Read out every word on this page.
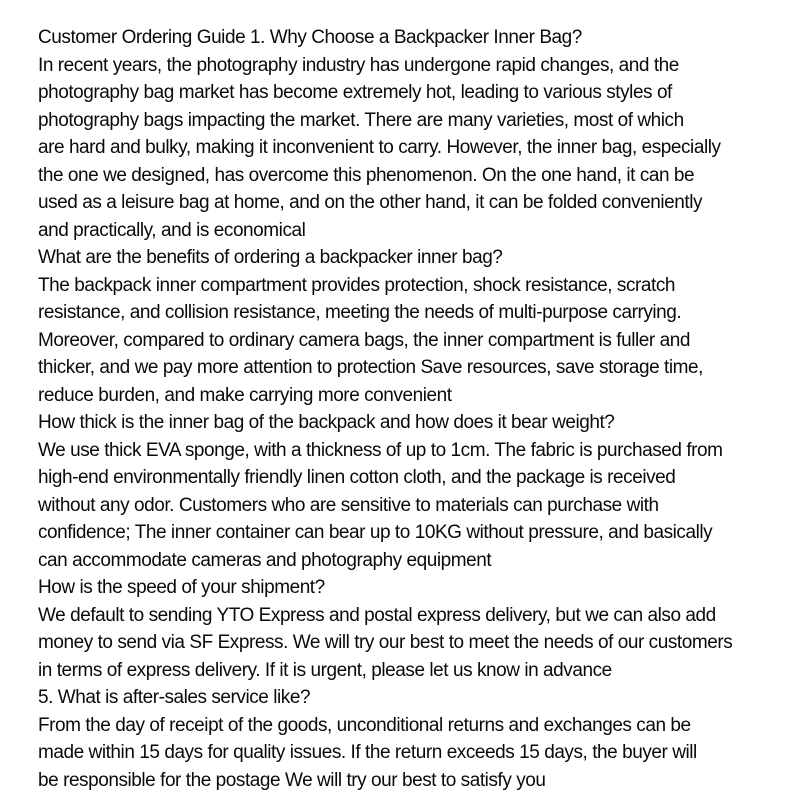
Customer Ordering Guide 1. Why Choose a Backpacker Inner Bag?
In recent years, the photography industry has undergone rapid changes, and the
photography bag market has become extremely hot, leading to various styles of
photography bags impacting the market. There are many varieties, most of which
are hard and bulky, making it inconvenient to carry. However, the inner bag, especially
the one we designed, has overcome this phenomenon. On the one hand, it can be
used as a leisure bag at home, and on the other hand, it can be folded conveniently
and practically, and is economical
What are the benefits of ordering a backpacker inner bag?
The backpack inner compartment provides protection, shock resistance, scratch
resistance, and collision resistance, meeting the needs of multi-purpose carrying.
Moreover, compared to ordinary camera bags, the inner compartment is fuller and
thicker, and we pay more attention to protection Save resources, save storage time,
reduce burden, and make carrying more convenient
How thick is the inner bag of the backpack and how does it bear weight?
We use thick EVA sponge, with a thickness of up to 1cm. The fabric is purchased from
high-end environmentally friendly linen cotton cloth, and the package is received
without any odor. Customers who are sensitive to materials can purchase with
confidence; The inner container can bear up to 10KG without pressure, and basically
can accommodate cameras and photography equipment
How is the speed of your shipment?
We default to sending YTO Express and postal express delivery, but we can also add
money to send via SF Express. We will try our best to meet the needs of our customers
in terms of express delivery. If it is urgent, please let us know in advance
5. What is after-sales service like?
From the day of receipt of the goods, unconditional returns and exchanges can be
made within 15 days for quality issues. If the return exceeds 15 days, the buyer will
be responsible for the postage We will try our best to satisfy you
